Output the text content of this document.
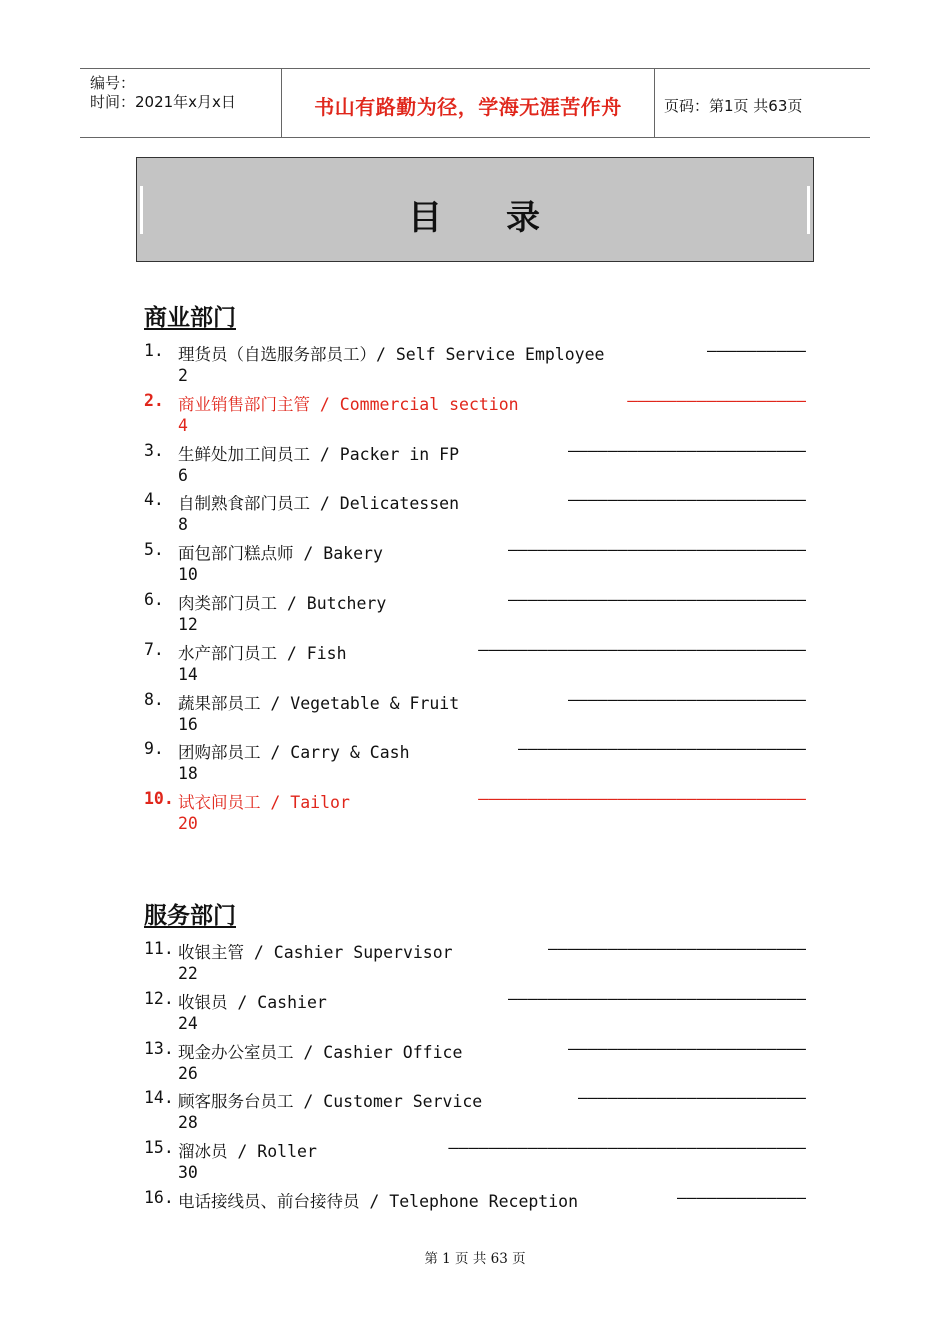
编号：
时间：2021年x月x日	书山有路勤为径，学海无涯苦作舟	页码：第1页 共63页
目 录
商业部门
1. 理货员（自选服务部员工）/ Self Service Employee	——————————
2
2. 商业销售部门主管 / Commercial section	——————————————————
4
3. 生鲜处加工间员工 / Packer in FP	————————————————————————
6
4. 自制熟食部门员工 / Delicatessen	————————————————————————
8
5. 面包部门糕点师 / Bakery	——————————————————————————————
10
6. 肉类部门员工 / Butchery	——————————————————————————————
12
7. 水产部门员工 / Fish	—————————————————————————————————
14
8. 蔬果部员工 / Vegetable & Fruit	————————————————————————
16
9. 团购部员工 / Carry & Cash	—————————————————————————————
18
10. 试衣间员工 / Tailor	—————————————————————————————————
20
服务部门
11. 收银主管 / Cashier Supervisor	——————————————————————————
22
12. 收银员 / Cashier	——————————————————————————————
24
13. 现金办公室员工 / Cashier Office	————————————————————————
26
14. 顾客服务台员工 / Customer Service	———————————————————————
28
15. 溜冰员 / Roller	————————————————————————————————————
30
16. 电话接线员、前台接待员 / Telephone Reception	—————————————
第 1 页 共 63 页
